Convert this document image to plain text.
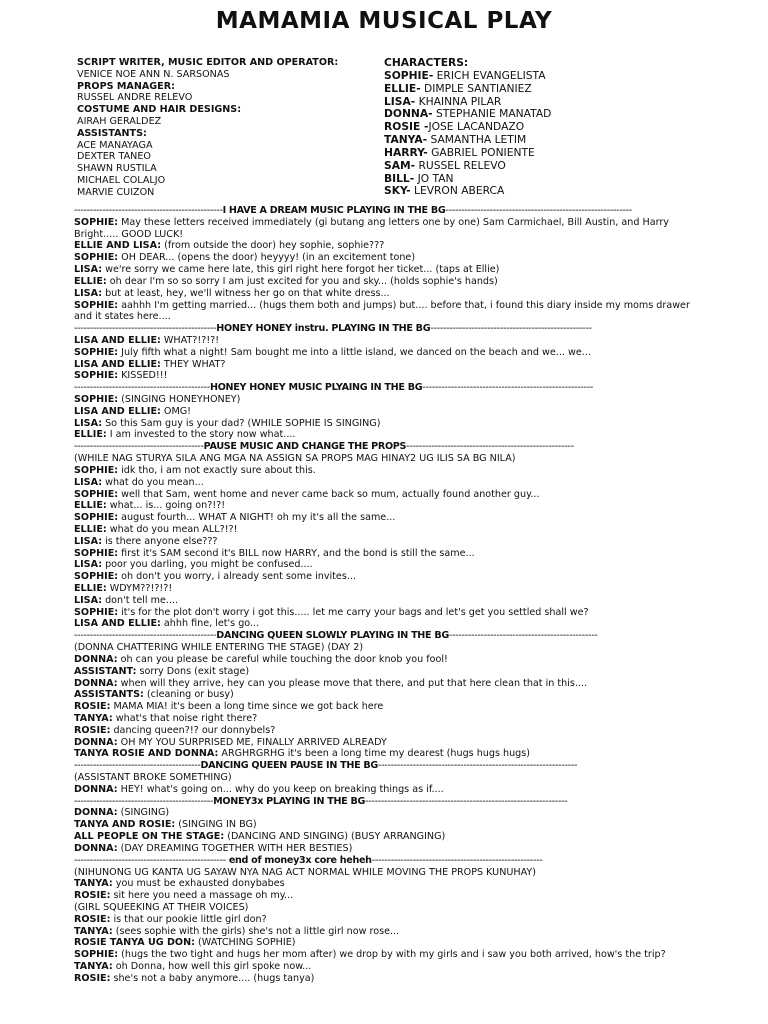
MAMAMIA MUSICAL PLAY
SCRIPT WRITER, MUSIC EDITOR AND OPERATOR:
VENICE NOE ANN N. SARSONAS
PROPS MANAGER:
RUSSEL ANDRE RELEVO
COSTUME AND HAIR DESIGNS:
AIRAH GERALDEZ
ASSISTANTS:
ACE MANAYAGA
DEXTER TANEO
SHAWN RUSTILA
MICHAEL COLALJO
MARVIE CUIZON
CHARACTERS:
SOPHIE- ERICH EVANGELISTA
ELLIE- DIMPLE SANTIANIEZ
LISA- KHAINNA PILAR
DONNA- STEPHANIE MANATAD
ROSIE -JOSE LACANDAZO
TANYA- SAMANTHA LETIM
HARRY- GABRIEL PONIENTE
SAM- RUSSEL RELEVO
BILL- JO TAN
SKY- LEVRON ABERCA
-----------------------------------------------I HAVE A DREAM MUSIC PLAYING IN THE BG-----------------------------------------------------------
SOPHIE: May these letters received immediately (gi butang ang letters one by one) Sam Carmichael, Bill Austin, and Harry Bright..... GOOD LUCK!
ELLIE AND LISA: (from outside the door) hey sophie, sophie???
SOPHIE: OH DEAR... (opens the door) heyyyy! (in an excitement tone)
LISA: we're sorry we came here late, this girl right here forgot her ticket... (taps at Ellie)
ELLIE: oh dear I'm so so sorry I am just excited for you and sky... (holds sophie's hands)
LISA: but at least, hey, we'll witness her go on that white dress...
SOPHIE: aahhh I'm getting married... (hugs them both and jumps) but.... before that, i found this diary inside my moms drawer and it states here....
---------------------------------------------HONEY HONEY instru. PLAYING IN THE BG---------------------------------------------------
LISA AND ELLIE: WHAT?!?!?!
SOPHIE: July fifth what a night! Sam bought me into a little island, we danced on the beach and we... we...
LISA AND ELLIE: THEY WHAT?
SOPHIE: KISSED!!!
-------------------------------------------HONEY HONEY MUSIC PLYAING IN THE BG------------------------------------------------------
SOPHIE: (SINGING HONEYHONEY)
LISA AND ELLIE: OMG!
LISA: So this Sam guy is your dad? (WHILE SOPHIE IS SINGING)
ELLIE: I am invested to the story now what....
-----------------------------------------PAUSE MUSIC AND CHANGE THE PROPS-----------------------------------------------------
(WHILE NAG STURYA SILA ANG MGA NA ASSIGN SA PROPS MAG HINAY2 UG ILIS SA BG NILA)
SOPHIE: idk tho, i am not exactly sure about this.
LISA: what do you mean...
SOPHIE: well that Sam, went home and never came back so mum, actually found another guy...
ELLIE: what... is... going on?!?!
SOPHIE: august fourth... WHAT A NIGHT! oh my it's all the same...
ELLIE: what do you mean ALL?!?!
LISA: is there anyone else???
SOPHIE: first it's SAM second it's BILL now HARRY, and the bond is still the same...
LISA: poor you darling, you might be confused....
SOPHIE: oh don't you worry, i already sent some invites...
ELLIE: WDYM??!?!?!
LISA: don't tell me....
SOPHIE: it's for the plot don't worry i got this..... let me carry your bags and let's get you settled shall we?
LISA AND ELLIE: ahhh fine, let's go...
---------------------------------------------DANCING QUEEN SLOWLY PLAYING IN THE BG-----------------------------------------------
(DONNA CHATTERING WHILE ENTERING THE STAGE) (DAY 2)
DONNA: oh can you please be careful while touching the door knob you fool!
ASSISTANT: sorry Dons (exit stage)
DONNA: when will they arrive, hey can you please move that there, and put that here clean that in this....
ASSISTANTS: (cleaning or busy)
ROSIE: MAMA MIA! it's been a long time since we got back here
TANYA: what's that noise right there?
ROSIE: dancing queen?!? our donnybels?
DONNA: OH MY YOU SURPRISED ME, FINALLY ARRIVED ALREADY
TANYA ROSIE AND DONNA: ARGHRGRHG it's been a long time my dearest (hugs hugs hugs)
----------------------------------------DANCING QUEEN PAUSE IN THE BG---------------------------------------------------------------
(ASSISTANT BROKE SOMETHING)
DONNA: HEY! what's going on... why do you keep on breaking things as if....
--------------------------------------------MONEY3x PLAYING IN THE BG----------------------------------------------------------------
DONNA: (SINGING)
TANYA AND ROSIE: (SINGING IN BG)
ALL PEOPLE ON THE STAGE: (DANCING AND SINGING) (BUSY ARRANGING)
DONNA: (DAY DREAMING TOGETHER WITH HER BESTIES)
------------------------------------------------ end of money3x core heheh------------------------------------------------------
(NIHUNONG UG KANTA UG SAYAW NYA NAG ACT NORMAL WHILE MOVING THE PROPS KUNUHAY)
TANYA: you must be exhausted donybabes
ROSIE: sit here you need a massage oh my...
(GIRL SQUEEKING AT THEIR VOICES)
ROSIE: is that our pookie little girl don?
TANYA: (sees sophie with the girls) she's not a little girl now rose...
ROSIE TANYA UG DON: (WATCHING SOPHIE)
SOPHIE: (hugs the two tight and hugs her mom after) we drop by with my girls and i saw you both arrived, how's the trip?
TANYA: oh Donna, how well this girl spoke now...
ROSIE: she's not a baby anymore.... (hugs tanya)
